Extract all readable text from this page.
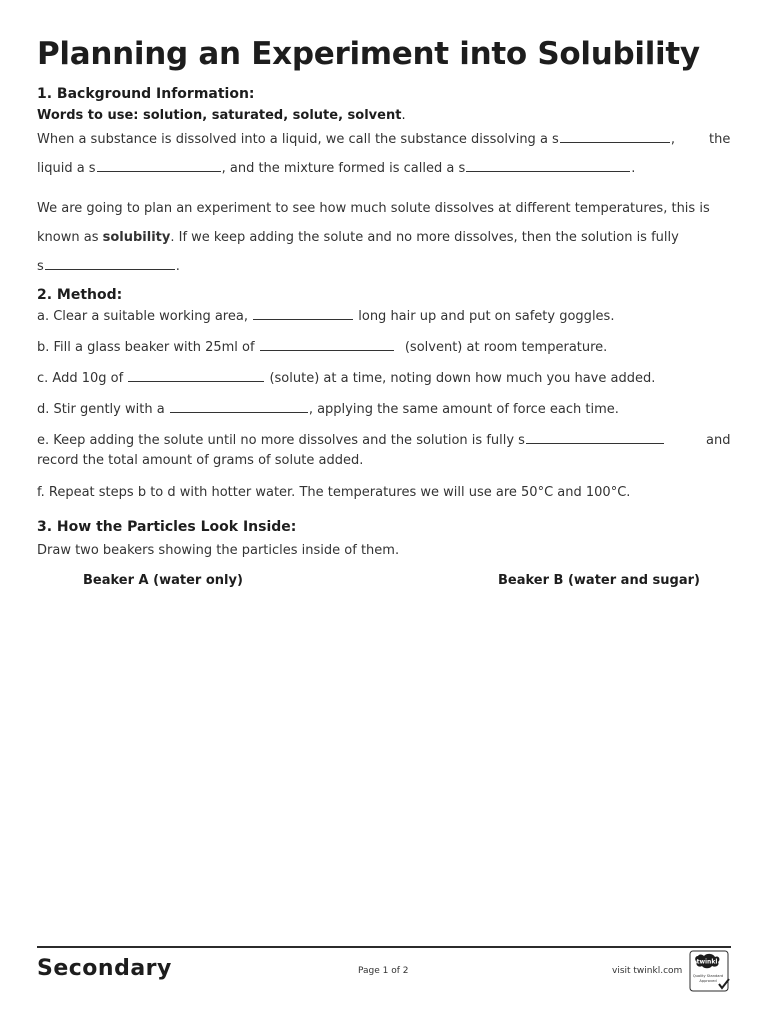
Planning an Experiment into Solubility
1. Background Information:
Words to use: solution, saturated, solute, solvent.
When a substance is dissolved into a liquid, we call the substance dissolving a s	,	the
liquid a s	, and the mixture formed is called a s	.
We are going to plan an experiment to see how much solute dissolves at different temperatures, this is
known as solubility. If we keep adding the solute and no more dissolves, then the solution is fully
s	.
2. Method:
a. Clear a suitable working area,	long hair up and put on safety goggles.
b. Fill a glass beaker with 25ml of	(solvent) at room temperature.
c. Add 10g of	(solute) at a time, noting down how much you have added.
d. Stir gently with a	, applying the same amount of force each time.
e. Keep adding the solute until no more dissolves and the solution is fully s	and
record the total amount of grams of solute added.
f. Repeat steps b to d with hotter water. The temperatures we will use are 50°C and 100°C.
3. How the Particles Look Inside:
Draw two beakers showing the particles inside of them.
Beaker A (water only)	Beaker B (water and sugar)
Secondary	Page 1 of 2	visit twinkl.com
twinkl
Quality Standard
Approved
